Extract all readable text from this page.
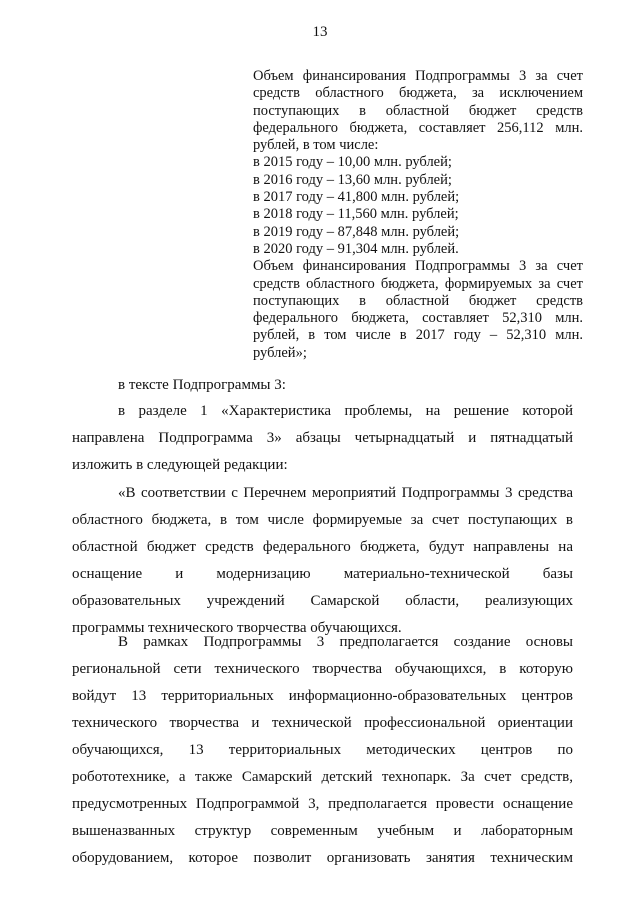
13
Объем финансирования Подпрограммы 3 за счет
средств областного бюджета, за исключением
поступающих в областной бюджет средств
федерального бюджета, составляет 256,112 млн.
рублей, в том числе:
в 2015 году – 10,00 млн. рублей;
в 2016 году – 13,60 млн. рублей;
в 2017 году – 41,800 млн. рублей;
в 2018 году – 11,560 млн. рублей;
в 2019 году – 87,848 млн. рублей;
в 2020 году – 91,304 млн. рублей.
Объем финансирования Подпрограммы 3 за счет
средств областного бюджета, формируемых за счет
поступающих в областной бюджет средств
федерального бюджета, составляет 52,310 млн.
рублей, в том числе в 2017 году – 52,310 млн.
рублей»;
в тексте Подпрограммы 3:
в разделе 1 «Характеристика проблемы, на решение которой
направлена Подпрограмма 3» абзацы четырнадцатый и пятнадцатый
изложить в следующей редакции:
«В соответствии с Перечнем мероприятий Подпрограммы 3 средства
областного бюджета, в том числе формируемые за счет поступающих в
областной бюджет средств федерального бюджета, будут направлены на
оснащение и модернизацию материально-технической базы
образовательных учреждений Самарской области, реализующих
программы технического творчества обучающихся.
В рамках Подпрограммы 3 предполагается создание основы
региональной сети технического творчества обучающихся, в которую
войдут 13 территориальных информационно-образовательных центров
технического творчества и технической профессиональной ориентации
обучающихся, 13 территориальных методических центров по
робототехнике, а также Самарский детский технопарк. За счет средств,
предусмотренных Подпрограммой 3, предполагается провести оснащение
вышеназванных структур современным учебным и лабораторным
оборудованием, которое позволит организовать занятия техническим
